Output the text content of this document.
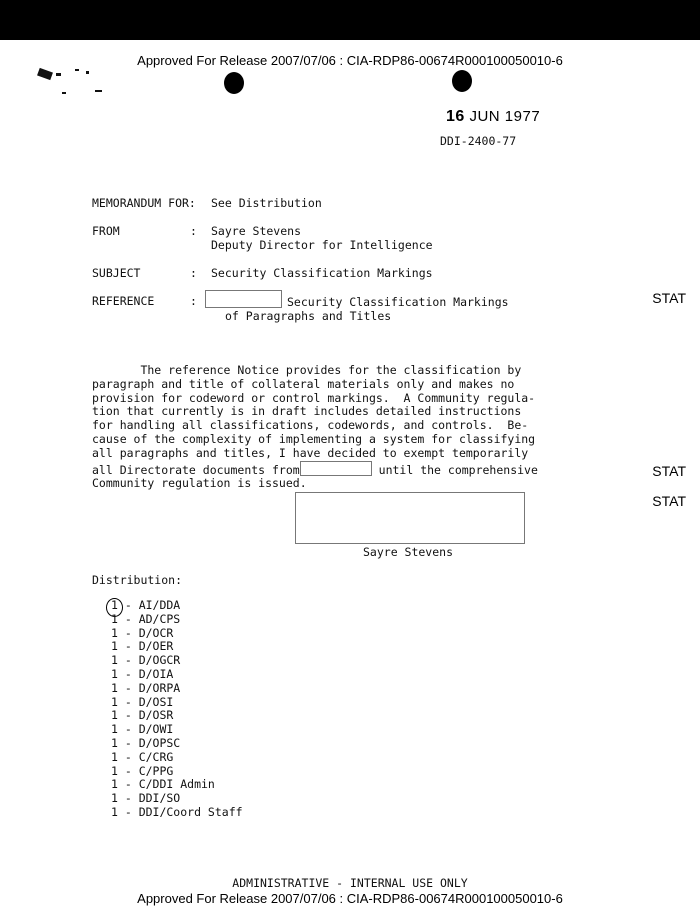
Approved For Release 2007/07/06 : CIA-RDP86-00674R000100050010-6
16 JUN 1977
DDI-2400-77
MEMORANDUM FOR: See Distribution
FROM	: Sayre Stevens
Deputy Director for Intelligence
SUBJECT	: Security Classification Markings
REFERENCE	:	Security Classification Markings
of Paragraphs and Titles
STAT
STAT
STAT
The reference Notice provides for the classification by
paragraph and title of collateral materials only and makes no
provision for codeword or control markings.  A Community regula-
tion that currently is in draft includes detailed instructions
for handling all classifications, codewords, and controls.  Be-
cause of the complexity of implementing a system for classifying
all paragraphs and titles, I have decided to exempt temporarily
all Directorate documents from	until the comprehensive
Community regulation is issued.
Sayre Stevens
Distribution:
1 - AI/DDA
1 - AD/CPS
1 - D/OCR
1 - D/OER
1 - D/OGCR
1 - D/OIA
1 - D/ORPA
1 - D/OSI
1 - D/OSR
1 - D/OWI
1 - D/OPSC
1 - C/CRG
1 - C/PPG
1 - C/DDI Admin
1 - DDI/SO
1 - DDI/Coord Staff
ADMINISTRATIVE - INTERNAL USE ONLY
Approved For Release 2007/07/06 : CIA-RDP86-00674R000100050010-6
